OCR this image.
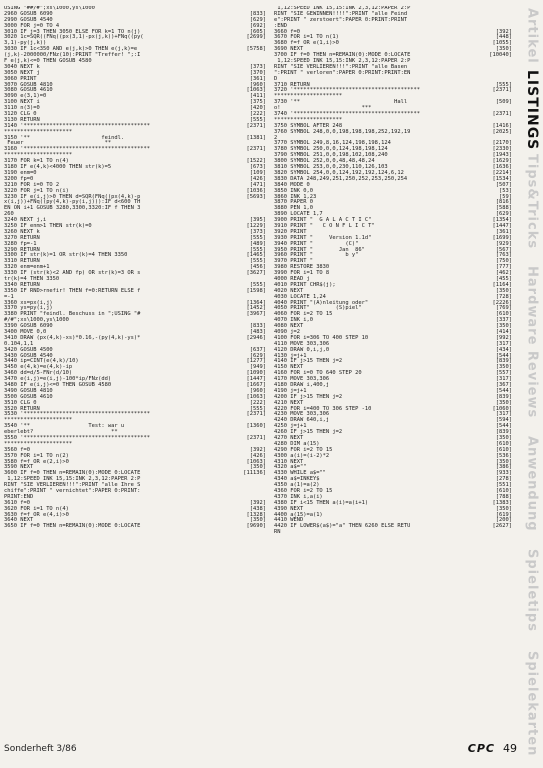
USING "##/#";xs\1000,ys\1000
2960 GOSUB 6090	[833]
2990 GOSUB 4540	[629]
3000 FOR j=0 TO 4	[692]
3010 IF j=3 THEN 3050 ELSE FOR k=1 TO n(j)	[605]
3020 1c=SQR((FNq((px(3,1)-px(j,k))+FNq((py(	[2699]
3,1)-py(j,k))
3030 IF 1c<350 AND e(j,k)>0 THEN e(j,k)=e	[5758]
(j,k)-2000000/FNz(10):PRINT "Treffer! ";:I
F e(j,k)<=0 THEN GOSUB 4580
3040 NEXT k	[373]
3050 NEXT j	[370]
3060 PRINT	[361]
3070 GOSUB 4810	[960]
3080 GOSUB 4610	[1063]
3090 e(3,1)=0	[411]
3100 NEXT i	[375]
3110 n(3)=0	[420]
3120 CLG 0	[222]
3130 RETURN	[555]
3140 '***************************************	[2371]
*********************
3150 '**                      feindl.	[1381]
Feuer                         **
3160 '***************************************	[2371]
*********************
3170 FOR k=1 TO n(4)	[1522]
3180 IF e(4,k)<4000 THEN str(k)=5	[673]
3190 enm=0	[109]
3200 fp=0	[426]
3210 FOR i=0 TO 2	[471]
3220 FOR j=1 TO n(i)	[1036]
3230 IF e(i,j)>0 THEN d=SQR(FNq((px(4,k)-p	[5693]
x(i,j))+FNq((py(4,k)-py(i,j))):IF d<600 TH
EN ON i+1 GOSUB 3280,3300,3320:IF f THEN 3
260
3240 NEXT j,i	[395]
3250 IF enm>1 THEN str(k)=0	[1229]
3260 NEXT k	[373]
3270 RETURN	[555]
3280 fp=-1	[489]
3290 RETURN	[555]
3300 IF str(k)=1 OR str(k)=4 THEN 3350	[1465]
3310 RETURN	[555]
3320 enm=enm+1	[456]
3330 IF (str(k)<2 AND fp) OR str(k)=3 OR s	[3627]
tr(k)=4 THEN 3350
3340 RETURN	[555]
3350 IF RND>rnefir! THEN f=0:RETURN ELSE f	[1598]
=-1
3360 xs=px(i,j)	[1364]
3370 ys=py(i,j)	[1452]
3380 PRINT "feindl. Beschuss in ";USING "#	[3967]
#/#";xs\1000,ys\1000
3390 GOSUB 6090	[833]
3400 MOVE 0,0	[483]
3410 DRAW (px(4,k)-xs)*0.16,-(py(4,k)-ys)*	[2946]
0.104,1,1
3420 GOSUB 4500	[637]
3430 GOSUB 4540	[629]
3440 ip=CINT(e(4,k)/10)	[1277]
3450 e(4,k)=e(4,k)-ip	[949]
3460 dd=d/5-FNr(d/10)	[1090]
3470 e(i,j)=e(i,j)-100*ip/FNz(dd)	[1447]
3480 IF e(i,j)<=0 THEN GOSUB 4580	[1667]
3490 GOSUB 4810	[960]
3500 GOSUB 4610	[1063]
3510 CLG 0	[222]
3520 RETURN	[555]
3530 '***************************************	[2371]
*********************
3540 '**                  Test: war u	[1360]
eberlebt?                        **
3550 '***************************************	[2371]
*********************
3560 f=0	[392]
3570 FOR i=1 TO n(2)	[426]
3580 f=f OR e(2,i)>0	[1063]
3590 NEXT	[350]
3600 IF f=0 THEN n=REMAIN(0):MODE 0:LOCATE	[11136]
1,12:SPEED INK 15,15:INK 2,3,12:PAPER 2:P
RINT "SIE VERLIEREN!!!":PRINT "alle Ihre S
chiffe":PRINT " vernichtet":PAPER 0:PRINT:
PRINT:END
3610 f=0	[392]
3620 FOR i=1 TO n(4)	[438]
3630 f=f OR e(4,i)>0	[1328]
3640 NEXT	[350]
3650 IF f=0 THEN n=REMAIN(0):MODE 0:LOCATE	[9690]
1,12:SPEED INK 15,15:INK 2,3,12:PAPER 2:P
RINT "SIE GEWINNEN!!!!":PRINT "alle Feind
e":PRINT " zerstoert":PAPER 0:PRINT:PRINT
:END
3660 f=0	[392]
3670 FOR i=1 TO n(1)	[448]
3680 f=f OR e(1,i)>0	[1055]
3690 NEXT	[350]
3700 IF f=0 THEN n=REMAIN(0):MODE 0:LOCATE	[10040]
1,12:SPEED INK 15,15:INK 2,3,12:PAPER 2:P
RINT "SIE VERLIEREN!!!":PRINT "alle Basen
":PRINT " verloren":PAPER 0:PRINT:PRINT:EN
D
3710 RETURN	[555]
3720 '***************************************	[2371]
*********************
3730 '**                             Hall	[509]
o!                         ***
3740 '***************************************	[2371]
*********************
3750 SYMBOL AFTER 248	[1416]
3760 SYMBOL 248,0,0,198,198,198,252,192,19	[2025]
2
3770 SYMBOL 249,8,16,124,198,198,124	[2170]
3780 SYMBOL 250,0,0,124,198,198,124	[2330]
3790 SYMBOL 251,0,0,198,102,108,240	[1943]
3800 SYMBOL 252,0,0,48,48,48,24	[1629]
3810 SYMBOL 253,0,0,230,110,126,103	[1636]
3820 SYMBOL 254,0,0,124,192,192,124,6,12	[2214]
3830 DATA 248,249,251,250,252,253,250,254	[1534]
3840 MODE 0	[507]
3850 INK 0,0	[53]
3860 INK 1,23	[59]
3870 PAPER 0	[816]
3880 PEN 1,0	[588]
3890 LOCATE 1,7	[629]
3900 PRINT "  G A L A C T I C"	[1354]
3910 PRINT "   C O N F L I C T"	[1447]
3920 PRINT	[361]
3930 PRINT "     Version 1.1d"	[1699]
3940 PRINT "          (C)"	[929]
3950 PRINT "        Jan  86"	[567]
3960 PRINT "          b y"	[763]
3970 PRINT "	[750]
3980 RESTORE 3830	[777]
3990 FOR i=1 TO 8	[462]
4000 READ j	[455]
4010 PRINT CHR$(j);	[1164]
4020 NEXT	[350]
4030 LOCATE 1,24	[728]
4040 PRINT "(A)nleitung oder"	[2226]
4050 PRINT"        (S)piel"	[769]
4060 FOR i=2 TO 15	[610]
4070 INK i,0	[337]
4080 NEXT	[350]
4090 j=2	[414]
4100 FOR i=306 TO 400 STEP 10	[992]
4110 MOVE 303,306	[317]
4120 DRAW 0,i,j,0	[434]
4130 j=j+1	[544]
4140 IF j>15 THEN j=2	[839]
4150 NEXT	[350]
4160 FOR i=0 TO 640 STEP 20	[557]
4170 MOVE 303,306	[317]
4180 DRAW i,400,j	[367]
4190 j=j+1	[544]
4200 IF j>15 THEN j=2	[839]
4210 NEXT	[350]
4220 FOR i=400 TO 306 STEP -10	[1060]
4230 MOVE 303,306	[317]
4240 DRAW 640,i,j	[594]
4250 j=j+1	[544]
4260 IF j>15 THEN j=2	[839]
4270 NEXT	[350]
4280 DIM a(15)	[610]
4290 FOR i=2 TO 15	[610]
4300 a(i)=(i-2)*2	[536]
4310 NEXT	[350]
4320 a$=""	[386]
4330 WHILE a$=""	[933]
4340 a$=INKEY$	[278]
4350 a(1)=a(2)	[551]
4360 FOR i=2 TO 15	[610]
4370 INK i,a(i)	[788]
4380 IF i<15 THEN a(i)=a(i+1)	[1383]
4390 NEXT	[350]
4400 a(15)=a(1)	[619]
4410 WEND	[200]
4420 IF LOWER$(a$)="a" THEN 6260 ELSE RETU	[2627]
RN
Artikel
LISTINGS
Tips&Tricks
Hardware Reviews
Anwendung
Spieletips
Spielekarten
Sonderheft 3/86	CPC 49
